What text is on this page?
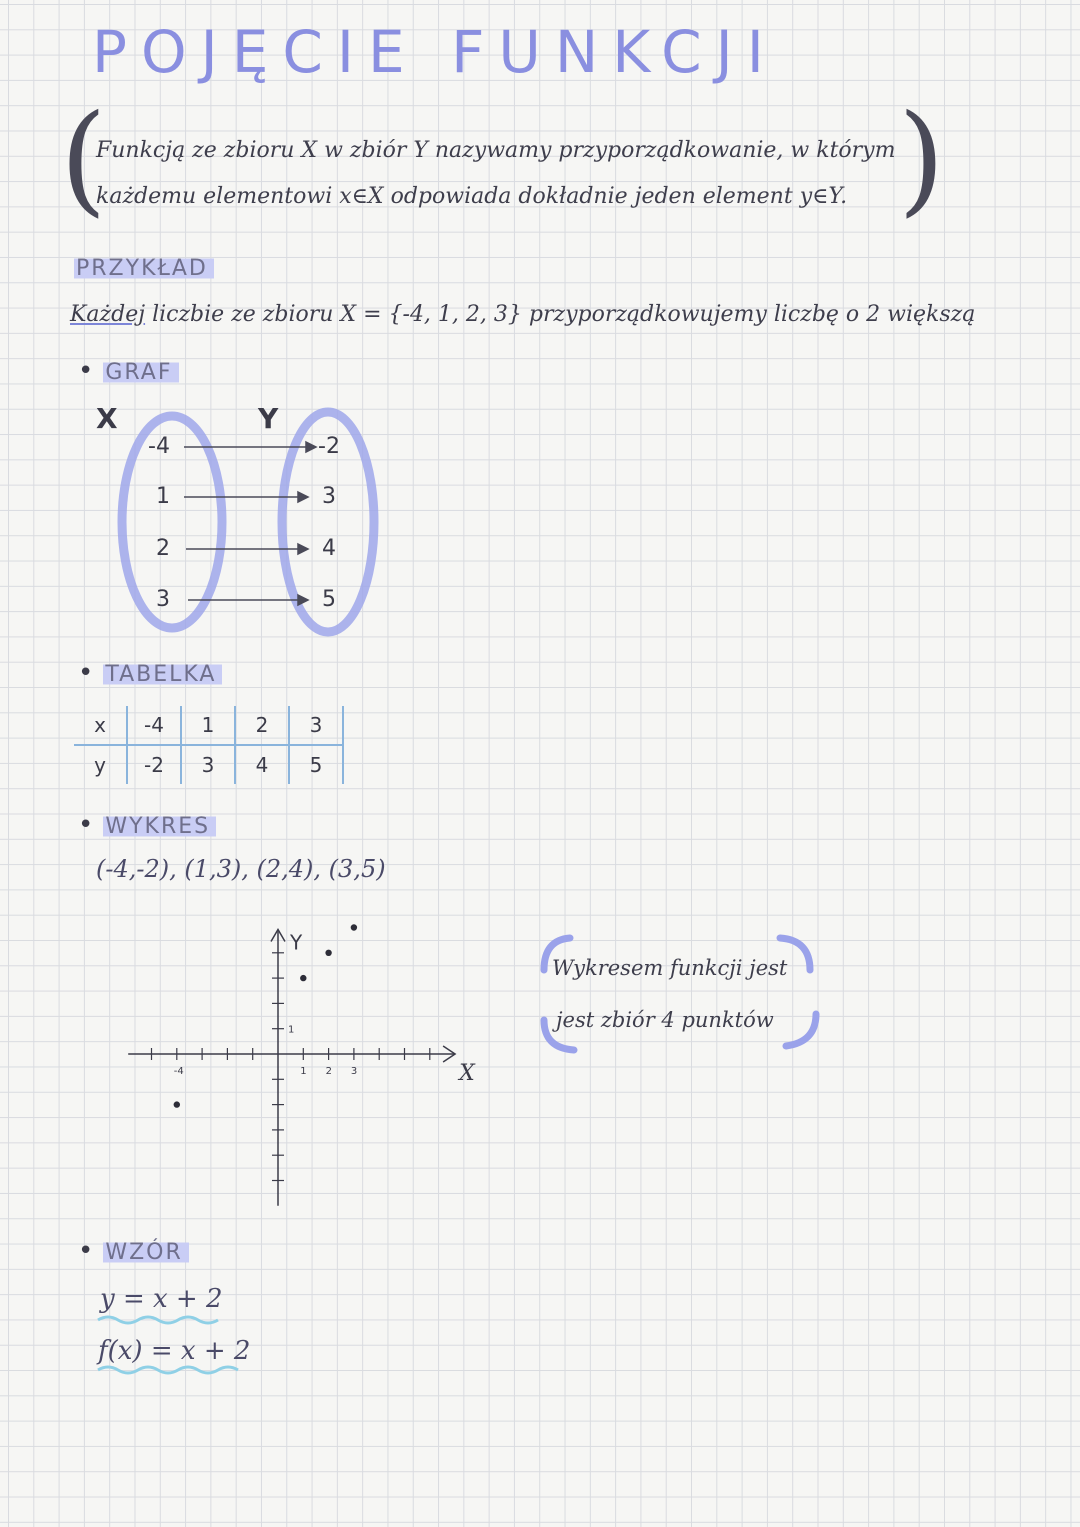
POJĘCIE FUNKCJI
(	)
Funkcją ze zbioru X w zbiór Y nazywamy przyporządkowanie, w którym
każdemu elementowi x∈X odpowiada dokładnie jeden element y∈Y.
PRZYKŁAD
Każdej liczbie ze zbioru X = {-4, 1, 2, 3} przyporządkowujemy liczbę o 2 większą
• GRAF
X	Y
-4
1
2
3
-2
3
4
5
• TABELKA
x	-4	1	2	3
y	-2	3	4	5
• WYKRES
(-4,-2), (1,3), (2,4), (3,5)
-4	1 2 3
1
X
Y
Wykresem funkcji jest
jest zbiór 4 punktów
• WZÓR
y = x + 2
f(x) = x + 2
